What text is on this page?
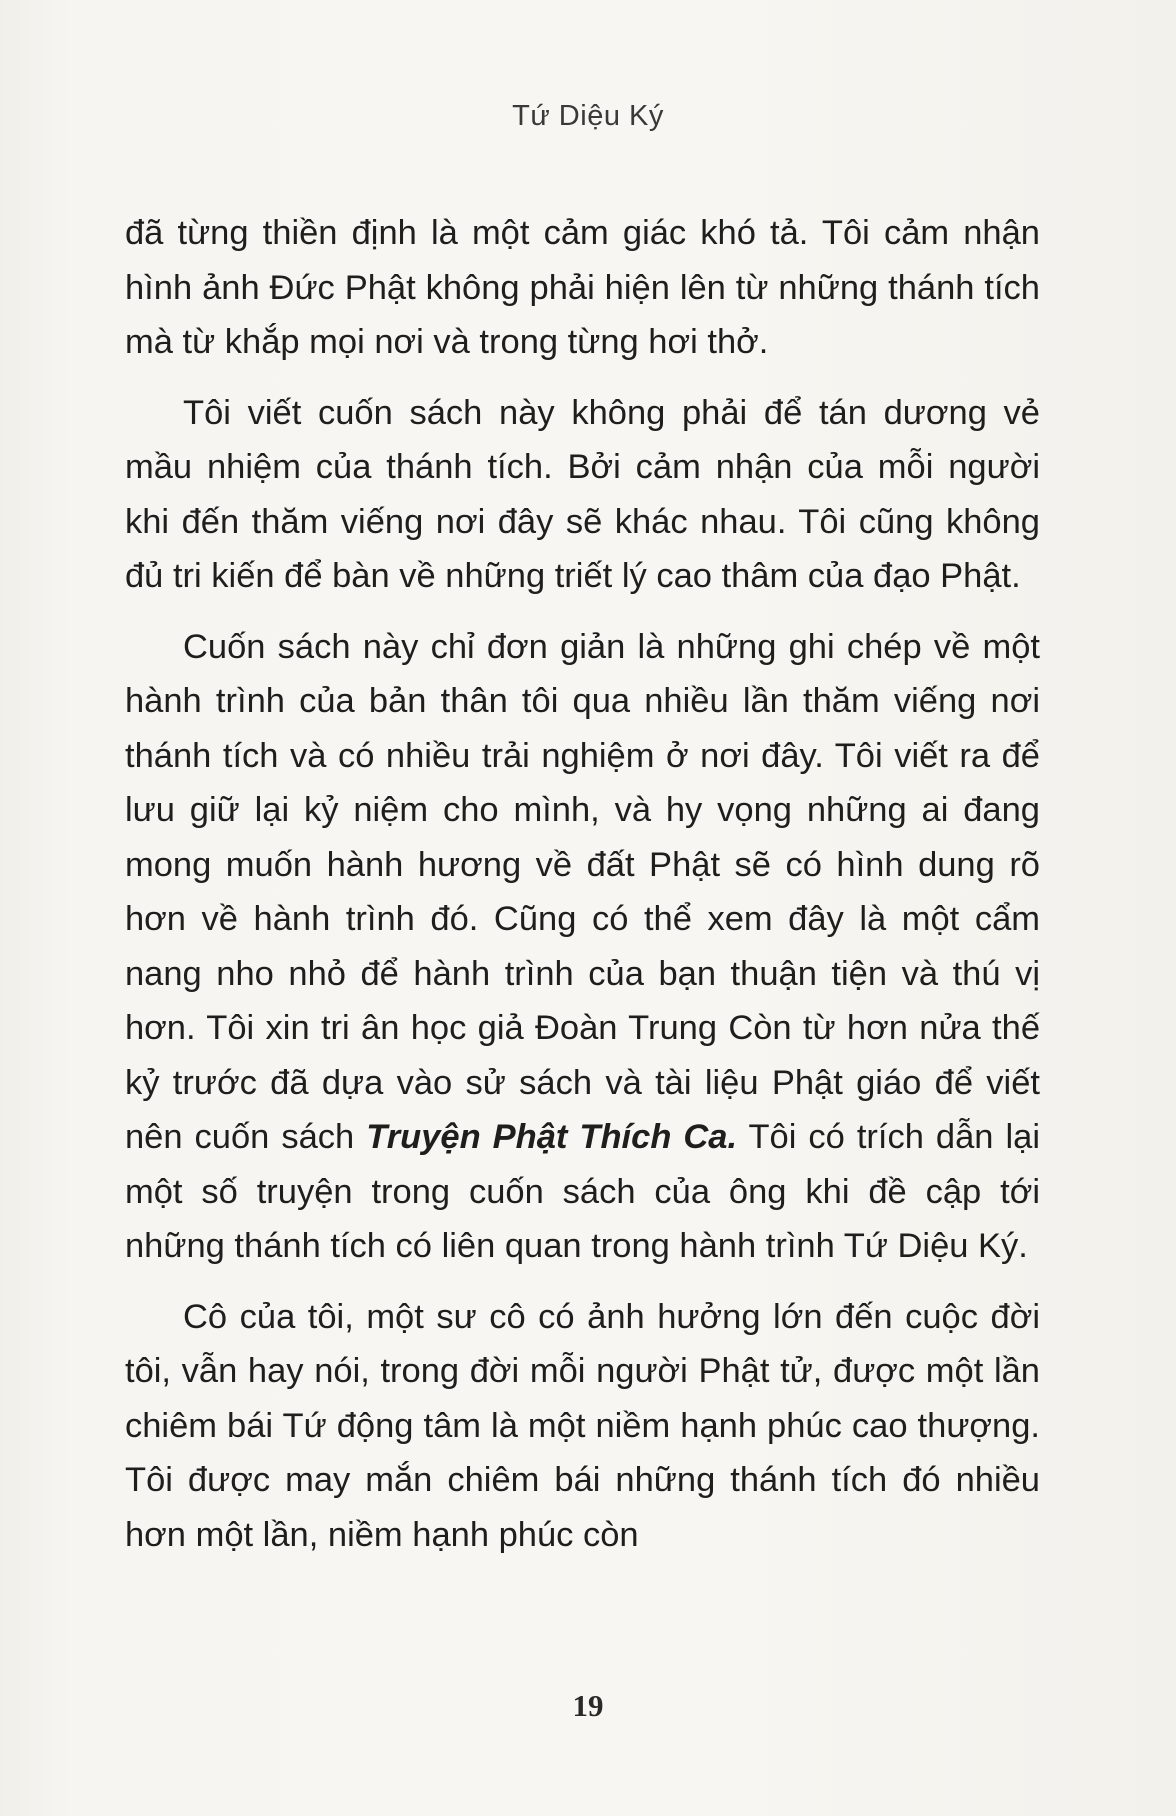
Tứ Diệu Ký

đã từng thiền định là một cảm giác khó tả. Tôi cảm nhận hình ảnh Đức Phật không phải hiện lên từ những thánh tích mà từ khắp mọi nơi và trong từng hơi thở.

Tôi viết cuốn sách này không phải để tán dương vẻ mầu nhiệm của thánh tích. Bởi cảm nhận của mỗi người khi đến thăm viếng nơi đây sẽ khác nhau. Tôi cũng không đủ tri kiến để bàn về những triết lý cao thâm của đạo Phật.

Cuốn sách này chỉ đơn giản là những ghi chép về một hành trình của bản thân tôi qua nhiều lần thăm viếng nơi thánh tích và có nhiều trải nghiệm ở nơi đây. Tôi viết ra để lưu giữ lại kỷ niệm cho mình, và hy vọng những ai đang mong muốn hành hương về đất Phật sẽ có hình dung rõ hơn về hành trình đó. Cũng có thể xem đây là một cẩm nang nho nhỏ để hành trình của bạn thuận tiện và thú vị hơn. Tôi xin tri ân học giả Đoàn Trung Còn từ hơn nửa thế kỷ trước đã dựa vào sử sách và tài liệu Phật giáo để viết nên cuốn sách Truyện Phật Thích Ca. Tôi có trích dẫn lại một số truyện trong cuốn sách của ông khi đề cập tới những thánh tích có liên quan trong hành trình Tứ Diệu Ký.

Cô của tôi, một sư cô có ảnh hưởng lớn đến cuộc đời tôi, vẫn hay nói, trong đời mỗi người Phật tử, được một lần chiêm bái Tứ động tâm là một niềm hạnh phúc cao thượng. Tôi được may mắn chiêm bái những thánh tích đó nhiều hơn một lần, niềm hạnh phúc còn

19
